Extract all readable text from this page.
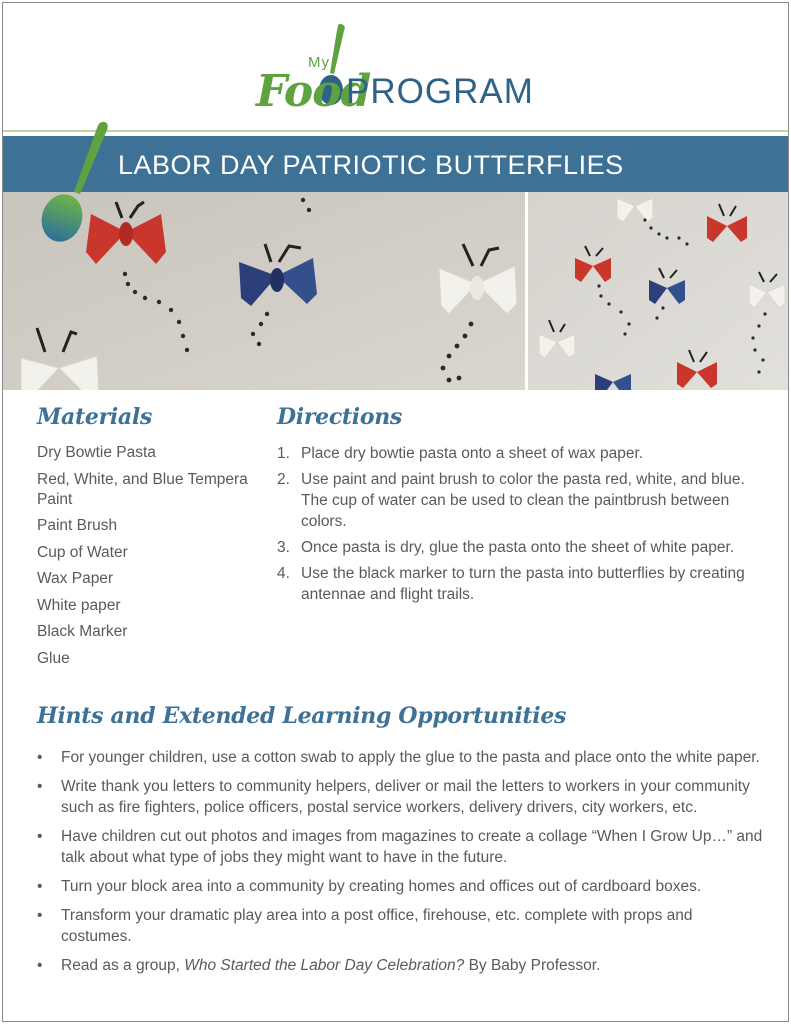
My
Food
PROGRAM
LABOR DAY PATRIOTIC BUTTERFLIES
Materials
Dry Bowtie Pasta
Red, White, and Blue Tempera Paint
Paint Brush
Cup of Water
Wax Paper
White paper
Black Marker
Glue
Directions
1. Place dry bowtie pasta onto a sheet of wax paper.
2. Use paint and paint brush to color the pasta red, white, and blue. The cup of water can be used to clean the paintbrush between colors.
3. Once pasta is dry, glue the pasta onto the sheet of white paper.
4. Use the black marker to turn the pasta into butterflies by creating antennae and flight trails.
Hints and Extended Learning Opportunities
• For younger children, use a cotton swab to apply the glue to the pasta and place onto the white paper.
• Write thank you letters to community helpers, deliver or mail the letters to workers in your community such as fire fighters, police officers, postal service workers, delivery drivers, city workers, etc.
• Have children cut out photos and images from magazines to create a collage “When I Grow Up…” and talk about what type of jobs they might want to have in the future.
• Turn your block area into a community by creating homes and offices out of cardboard boxes.
• Transform your dramatic play area into a post office, firehouse, etc. complete with props and costumes.
• Read as a group, Who Started the Labor Day Celebration? By Baby Professor.
